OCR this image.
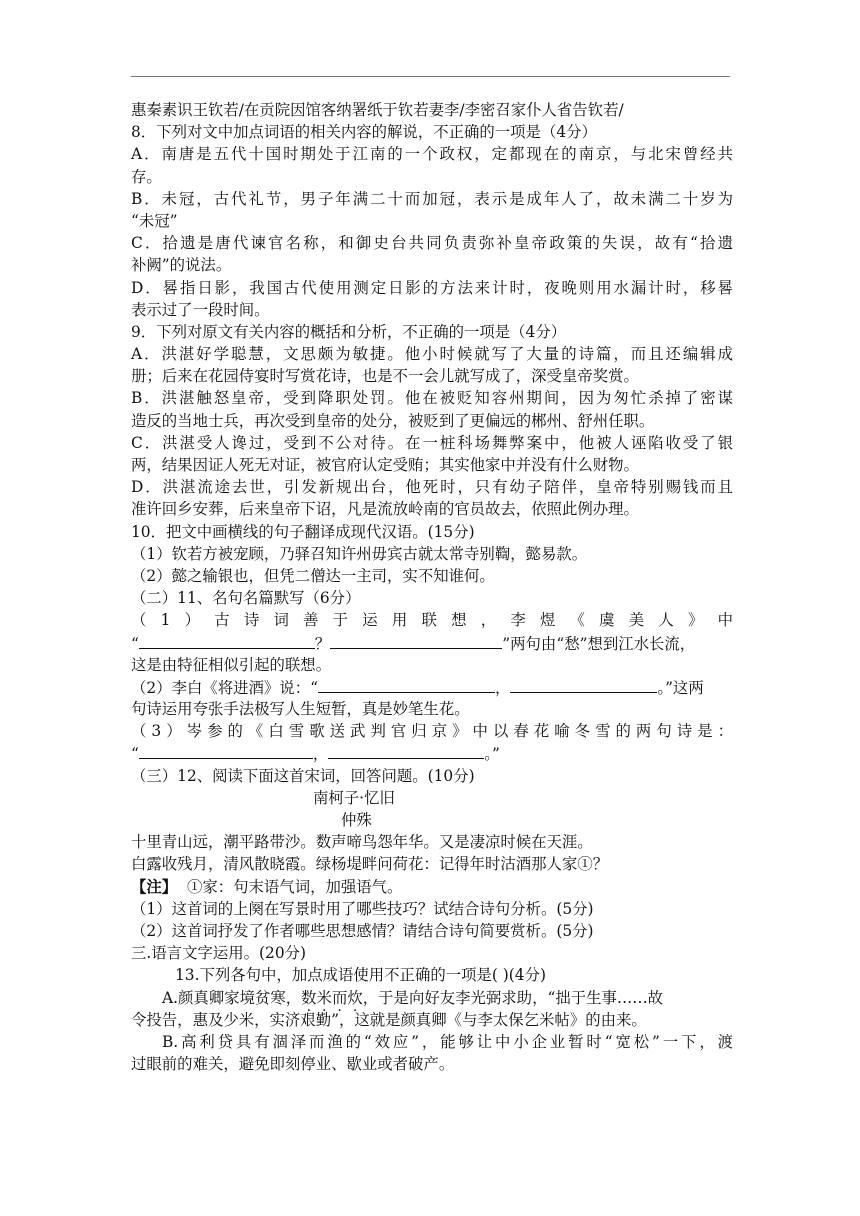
惠秦素识王钦若/在贡院因馆客纳署纸于钦若妻李/李密召家仆人省告钦若/
8．下列对文中加点词语的相关内容的解说，不正确的一项是（4分）
A．南唐是五代十国时期处于江南的一个政权，定都现在的南京，与北宋曾经共
存。
B．未冠，古代礼节，男子年满二十而加冠，表示是成年人了，故未满二十岁为
“未冠”
C．拾遗是唐代谏官名称，和御史台共同负责弥补皇帝政策的失误，故有“拾遗
补阙”的说法。
D．晷指日影，我国古代使用测定日影的方法来计时，夜晚则用水漏计时，移晷
表示过了一段时间。
9．下列对原文有关内容的概括和分析，不正确的一项是（4分）
A．洪湛好学聪慧，文思颇为敏捷。他小时候就写了大量的诗篇，而且还编辑成
册；后来在花园侍宴时写赏花诗，也是不一会儿就写成了，深受皇帝奖赏。
B．洪湛触怒皇帝，受到降职处罚。他在被贬知容州期间，因为匆忙杀掉了密谋
造反的当地士兵，再次受到皇帝的处分，被贬到了更偏远的郴州、舒州任职。
C．洪湛受人谗过，受到不公对待。在一桩科场舞弊案中，他被人诬陷收受了银
两，结果因证人死无对证，被官府认定受贿；其实他家中并没有什么财物。
D．洪湛流途去世，引发新规出台，他死时，只有幼子陪伴，皇帝特别赐钱而且
准许回乡安葬，后来皇帝下诏，凡是流放岭南的官员故去，依照此例办理。
10．把文中画横线的句子翻译成现代汉语。(15分)
（1）钦若方被宠顾，乃驿召知许州毋宾古就太常寺别鞫，懿易款。
（2）懿之输银也，但凭二僧达一主司，实不知谁何。
（二）11、名句名篇默写（6分）
（1）古诗词善于运用联想，李煜《虞美人》中
“	？	”两句由“愁”想到江水长流，
这是由特征相似引起的联想。
（2）李白《将进酒》说：“	，	。”这两
句诗运用夸张手法极写人生短暂，真是妙笔生花。
（3）岑参的《白雪歌送武判官归京》中以春花喻冬雪的两句诗是：
“	，	。”
（三）12、阅读下面这首宋词，回答问题。(10分)
南柯子·忆旧
仲殊
十里青山远，潮平路带沙。数声啼鸟怨年华。又是凄凉时候在天涯。
白露收残月，清风散晓霞。绿杨堤畔问荷花：记得年时沽酒那人家①？
【注】  ①家：句末语气词，加强语气。
（1）这首词的上阕在写景时用了哪些技巧？试结合诗句分析。(5分)
（2）这首词抒发了作者哪些思想感情？请结合诗句简要赏析。(5分)
三.语言文字运用。(20分)
13.下列各句中，加点成语使用不正确的一项是( )(4分)
A.颜真卿家境贫寒，数米而炊，于是向好友李光弼求助，“拙于生事……故
令投告，惠及少米，实济艰勤”，这就是颜真卿《与李太保乞米帖》的由来。
B.高利贷具有涸泽而渔的“效应”，能够让中小企业暂时“宽松”一下，渡
过眼前的难关，避免即刻停业、歇业或者破产。
